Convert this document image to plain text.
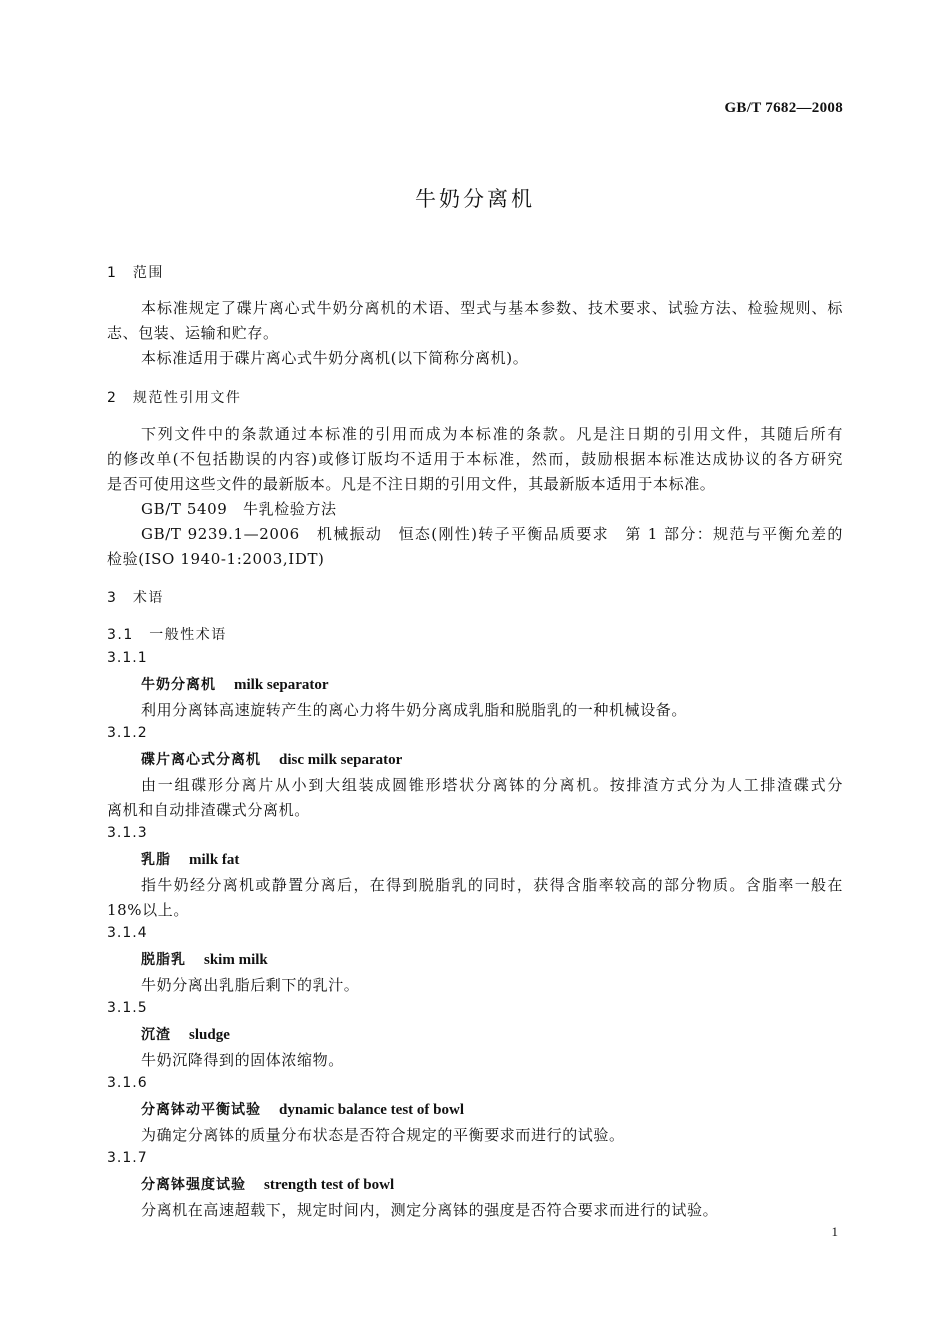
GB/T 7682—2008
牛奶分离机
1　范围
本标准规定了碟片离心式牛奶分离机的术语、型式与基本参数、技术要求、试验方法、检验规则、标
志、包装、运输和贮存。
本标准适用于碟片离心式牛奶分离机(以下简称分离机)。
2　规范性引用文件
下列文件中的条款通过本标准的引用而成为本标准的条款。凡是注日期的引用文件，其随后所有
的修改单(不包括勘误的内容)或修订版均不适用于本标准，然而，鼓励根据本标准达成协议的各方研究
是否可使用这些文件的最新版本。凡是不注日期的引用文件，其最新版本适用于本标准。
GB/T 5409　牛乳检验方法
GB/T 9239.1—2006　机械振动　恒态(刚性)转子平衡品质要求　第 1 部分：规范与平衡允差的
检验(ISO 1940-1:2003,IDT)
3　术语
3.1　一般性术语
3.1.1
牛奶分离机 milk separator
利用分离钵高速旋转产生的离心力将牛奶分离成乳脂和脱脂乳的一种机械设备。
3.1.2
碟片离心式分离机 disc milk separator
由一组碟形分离片从小到大组装成圆锥形塔状分离钵的分离机。按排渣方式分为人工排渣碟式分
离机和自动排渣碟式分离机。
3.1.3
乳脂 milk fat
指牛奶经分离机或静置分离后，在得到脱脂乳的同时，获得含脂率较高的部分物质。含脂率一般在
18%以上。
3.1.4
脱脂乳 skim milk
牛奶分离出乳脂后剩下的乳汁。
3.1.5
沉渣 sludge
牛奶沉降得到的固体浓缩物。
3.1.6
分离钵动平衡试验 dynamic balance test of bowl
为确定分离钵的质量分布状态是否符合规定的平衡要求而进行的试验。
3.1.7
分离钵强度试验 strength test of bowl
分离机在高速超载下，规定时间内，测定分离钵的强度是否符合要求而进行的试验。
1
